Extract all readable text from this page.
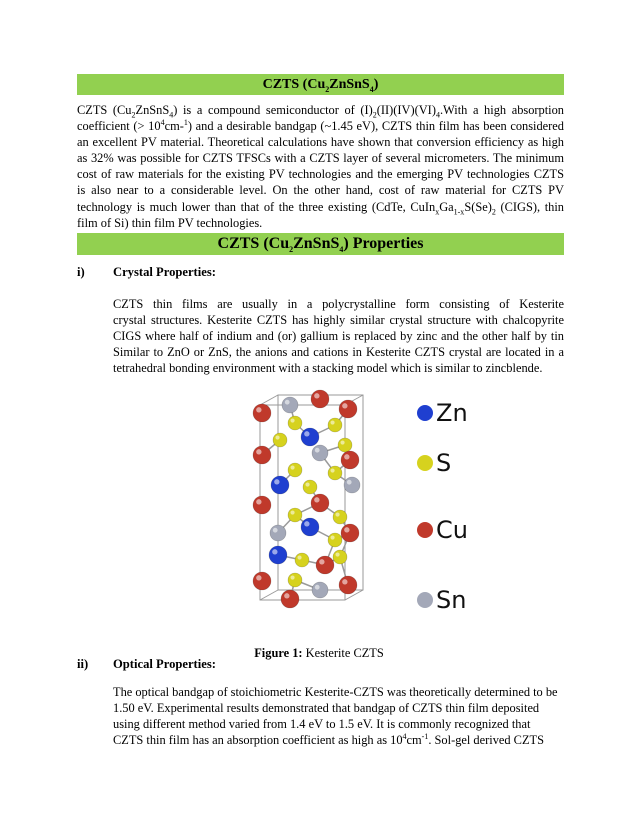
CZTS $(Cu_2ZnSnS_4)$
CZTS $(Cu_2ZnSnS_4)$ is a compound semiconductor of $(I)_2(II)(IV)(VI)_4.With$ a high absorption
coefficient (> $10^4cm-^1$) and a desirable bandgap (~1.45 eV), CZTS thin film has been considered
an excellent PV material. Theoretical calculations have shown that conversion efficiency as high
as 32% was possible for CZTS TFSCs with a CZTS layer of several micrometers. The minimum
cost of raw materials for the existing PV technologies and the emerging PV technologies CZTS
is also near to a considerable level. On the other hand, cost of raw material for CZTS PV
technology is much lower than that of the three existing (CdTe, $CuIn_xGa_{1-x}S(Se)_2$ (CIGS), thin
film of Si) thin film PV technologies.
CZTS $(Cu_2ZnSnS_4)$ Properties
i) Crystal Properties:
CZTS thin films are usually in a polycrystalline form consisting of Kesterite
crystal structures. Kesterite CZTS has highly similar crystal structure with chalcopyrite
CIGS where half of indium and (or) gallium is replaced by zinc and the other half by tin
Similar to ZnO or ZnS, the anions and cations in Kesterite CZTS crystal are located in a
tetrahedral bonding environment with a stacking model which is similar to zincblende.
Zn
S
Cu
Sn
Figure 1: Kesterite CZTS
ii) Optical Properties:
The optical bandgap of stoichiometric Kesterite-CZTS was theoretically determined to be
1.50 eV. Experimental results demonstrated that bandgap of CZTS thin film deposited
using different method varied from 1.4 eV to 1.5 eV. It is commonly recognized that
CZTS thin film has an absorption coefficient as high as $10^4cm^{-1}$. Sol-gel derived CZTS
